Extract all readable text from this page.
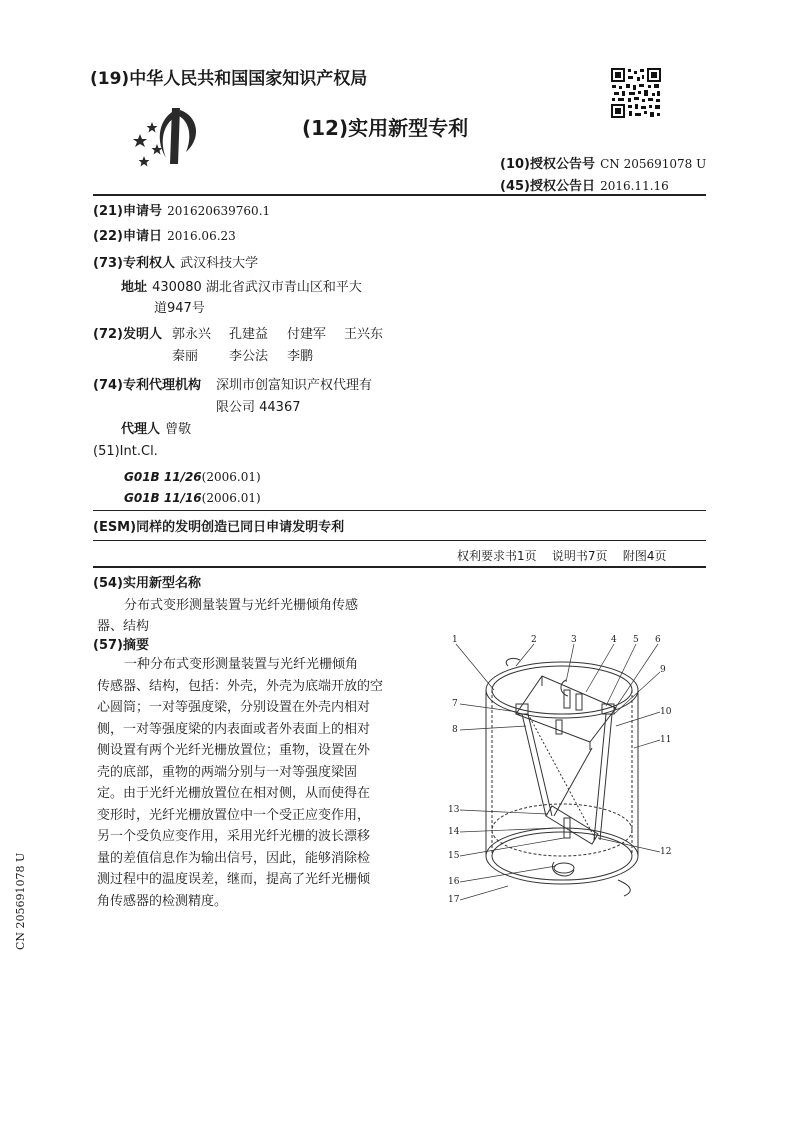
(19)中华人民共和国国家知识产权局
(12)实用新型专利
(10)授权公告号 CN 205691078 U
(45)授权公告日 2016.11.16
(21)申请号 201620639760.1
(22)申请日 2016.06.23
(73)专利权人 武汉科技大学
地址 430080 湖北省武汉市青山区和平大
道947号
(72)发明人 郭永兴 孔建益 付建军 王兴东
秦丽 李公法 李鹏
(74)专利代理机构 深圳市创富知识产权代理有
限公司 44367
代理人 曾敬
(51)Int.Cl.
G01B 11/26(2006.01)
G01B 11/16(2006.01)
(ESM)同样的发明创造已同日申请发明专利
权利要求书1页 说明书7页 附图4页
(54)实用新型名称
分布式变形测量装置与光纤光栅倾角传感
器、结构
(57)摘要
一种分布式变形测量装置与光纤光栅倾角
传感器、结构，包括：外壳，外壳为底端开放的空
心圆筒；一对等强度梁，分别设置在外壳内相对
侧，一对等强度梁的内表面或者外表面上的相对
侧设置有两个光纤光栅放置位；重物，设置在外
壳的底部，重物的两端分别与一对等强度梁固
定。由于光纤光栅放置位在相对侧，从而使得在
变形时，光纤光栅放置位中一个受正应变作用，
另一个受负应变作用，采用光纤光栅的波长漂移
量的差值信息作为输出信号，因此，能够消除检
测过程中的温度误差，继而，提高了光纤光栅倾
角传感器的检测精度。
1	2	3	4 5 6
9
7
8
10
11
13
14
15	12
16
17
CN 205691078 U
